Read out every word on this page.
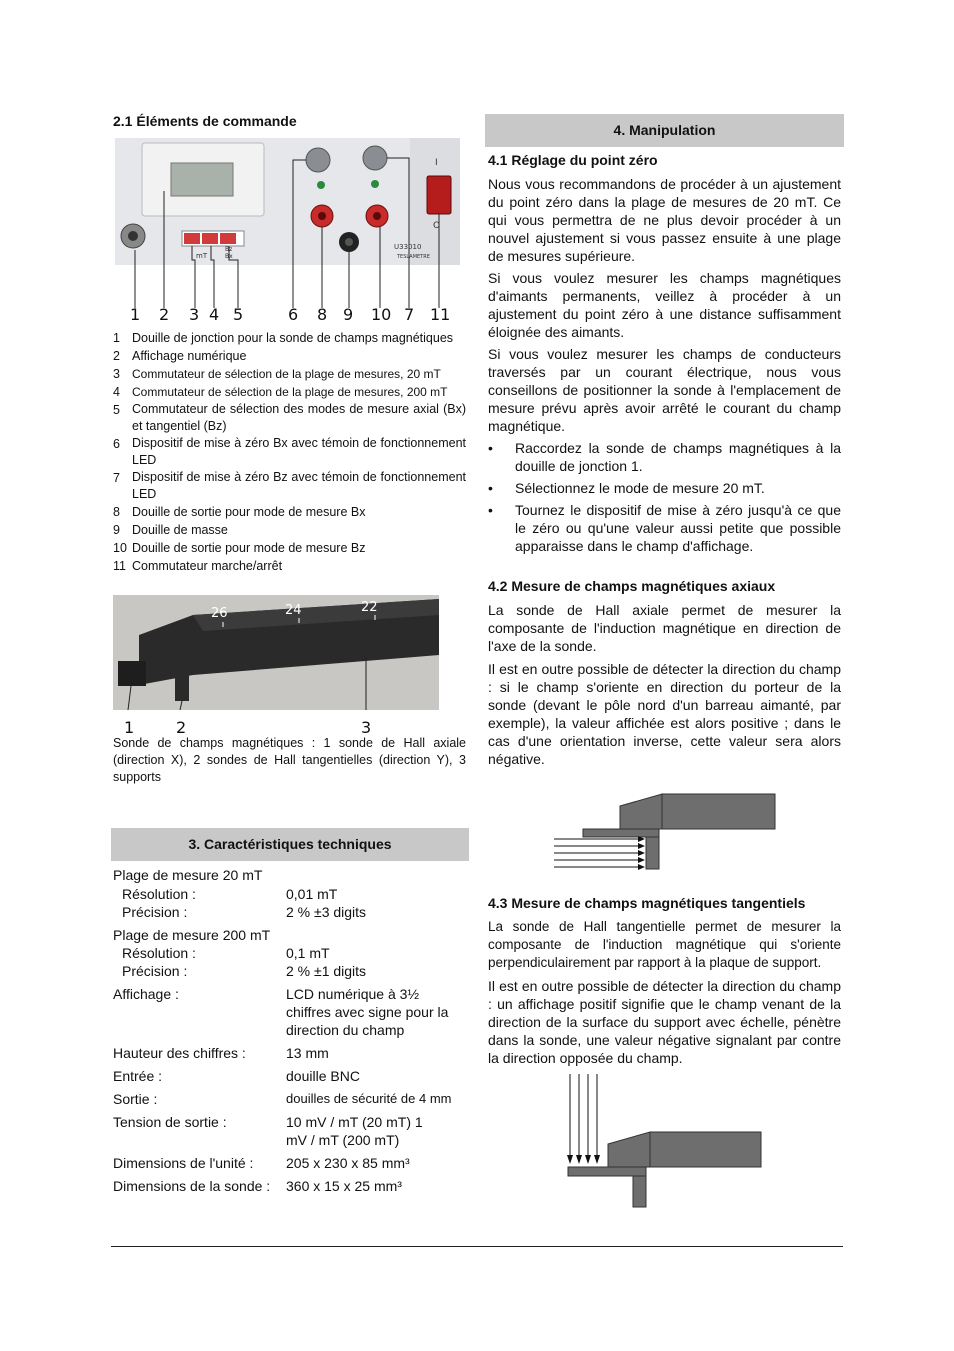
2.1 Éléments de commande
mT	Bx
Bz	U33010
TESLAMETRE
I
O
1 2 3 4 5	6 8 9 10 7 11
1 Douille de jonction pour la sonde de champs magnétiques
2 Affichage numérique
3	Commutateur de sélection de la plage de mesures, 20 mT
4	Commutateur de sélection de la plage de mesures, 200 mT
5 Commutateur de sélection des modes de mesure axial (Bx) et tangentiel (Bz)
6 Dispositif de mise à zéro Bx avec témoin de fonctionnement LED
7 Dispositif de mise à zéro Bz avec témoin de fonctionnement LED
8 Douille de sortie pour mode de mesure Bx
9 Douille de masse
10 Douille de sortie pour mode de mesure Bz
11 Commutateur marche/arrêt
26	24	22
1	2	3
Sonde de champs magnétiques : 1 sonde de Hall axiale (direction X), 2 sondes de Hall tangentielles (direction Y), 3 supports
3. Caractéristiques techniques
Plage de mesure 20 mT
Résolution :	0,01 mT
Précision :	2 % ±3 digits
Plage de mesure 200 mT
Résolution :	0,1 mT
Précision :	2 % ±1 digits
Affichage :	LCD numérique à 3½ chiffres avec signe pour la direction du champ
Hauteur des chiffres :	13 mm
Entrée :	douille BNC
Sortie :	douilles de sécurité de 4 mm
Tension de sortie :	10 mV / mT (20 mT) 1 mV / mT (200 mT)
Dimensions de l'unité : 205 x 230 x 85 mm³
Dimensions de la sonde : 360 x 15 x 25 mm³
4. Manipulation
4.1 Réglage du point zéro
Nous vous recommandons de procéder à un ajustement du point zéro dans la plage de mesures de 20 mT. Ce qui vous permettra de ne plus devoir procéder à un nouvel ajustement si vous passez ensuite à une plage de mesures supérieure.
Si vous voulez mesurer les champs magnétiques d'aimants permanents, veillez à procéder à un ajustement du point zéro à une distance suffisamment éloignée des aimants.
Si vous voulez mesurer les champs de conducteurs traversés par un courant électrique, nous vous conseillons de positionner la sonde à l'emplacement de mesure prévu après avoir arrêté le courant du champ magnétique.
• Raccordez la sonde de champs magnétiques à la douille de jonction 1.
• Sélectionnez le mode de mesure 20 mT.
• Tournez le dispositif de mise à zéro jusqu'à ce que le zéro ou qu'une valeur aussi petite que possible apparaisse dans le champ d'affichage.
4.2 Mesure de champs magnétiques axiaux
La sonde de Hall axiale permet de mesurer la composante de l'induction magnétique en direction de l'axe de la sonde.
Il est en outre possible de détecter la direction du champ : si le champ s'oriente en direction du porteur de la sonde (devant le pôle nord d'un barreau aimanté, par exemple), la valeur affichée est alors positive ; dans le cas d'une orientation inverse, cette valeur sera alors négative.
4.3 Mesure de champs magnétiques tangentiels
La sonde de Hall tangentielle permet de mesurer la composante de l'induction magnétique qui s'oriente perpendiculairement par rapport à la plaque de support.
Il est en outre possible de détecter la direction du champ : un affichage positif signifie que le champ venant de la direction de la surface du support avec échelle, pénètre dans la sonde, une valeur négative signalant par contre la direction opposée du champ.
